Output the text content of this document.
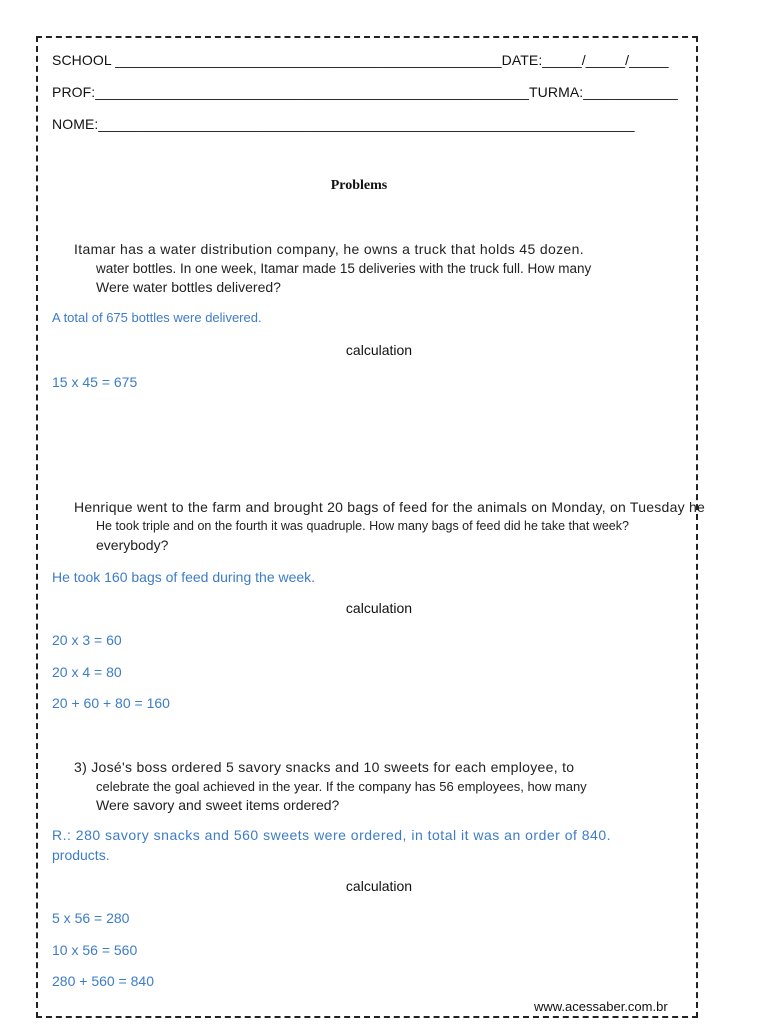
SCHOOL _________________________________________________DATE:_____/_____/_____
PROF:_______________________________________________________TURMA:____________
NOME:____________________________________________________________________
Problems
Itamar has a water distribution company, he owns a truck that holds 45 dozen.
water bottles. In one week, Itamar made 15 deliveries with the truck full. How many
Were water bottles delivered?
A total of 675 bottles were delivered.
calculation
15 x 45 = 675
Henrique went to the farm and brought 20 bags of feed for the animals on Monday, on Tuesday he
He took triple and on the fourth it was quadruple. How many bags of feed did he take that week?
everybody?
He took 160 bags of feed during the week.
calculation
20 x 3 = 60
20 x 4 = 80
20 + 60 + 80 = 160
3) José's boss ordered 5 savory snacks and 10 sweets for each employee, to
celebrate the goal achieved in the year. If the company has 56 employees, how many
Were savory and sweet items ordered?
R.: 280 savory snacks and 560 sweets were ordered, in total it was an order of 840.
products.
calculation
5 x 56 = 280
10 x 56 = 560
280 + 560 = 840
www.acessaber.com.br
